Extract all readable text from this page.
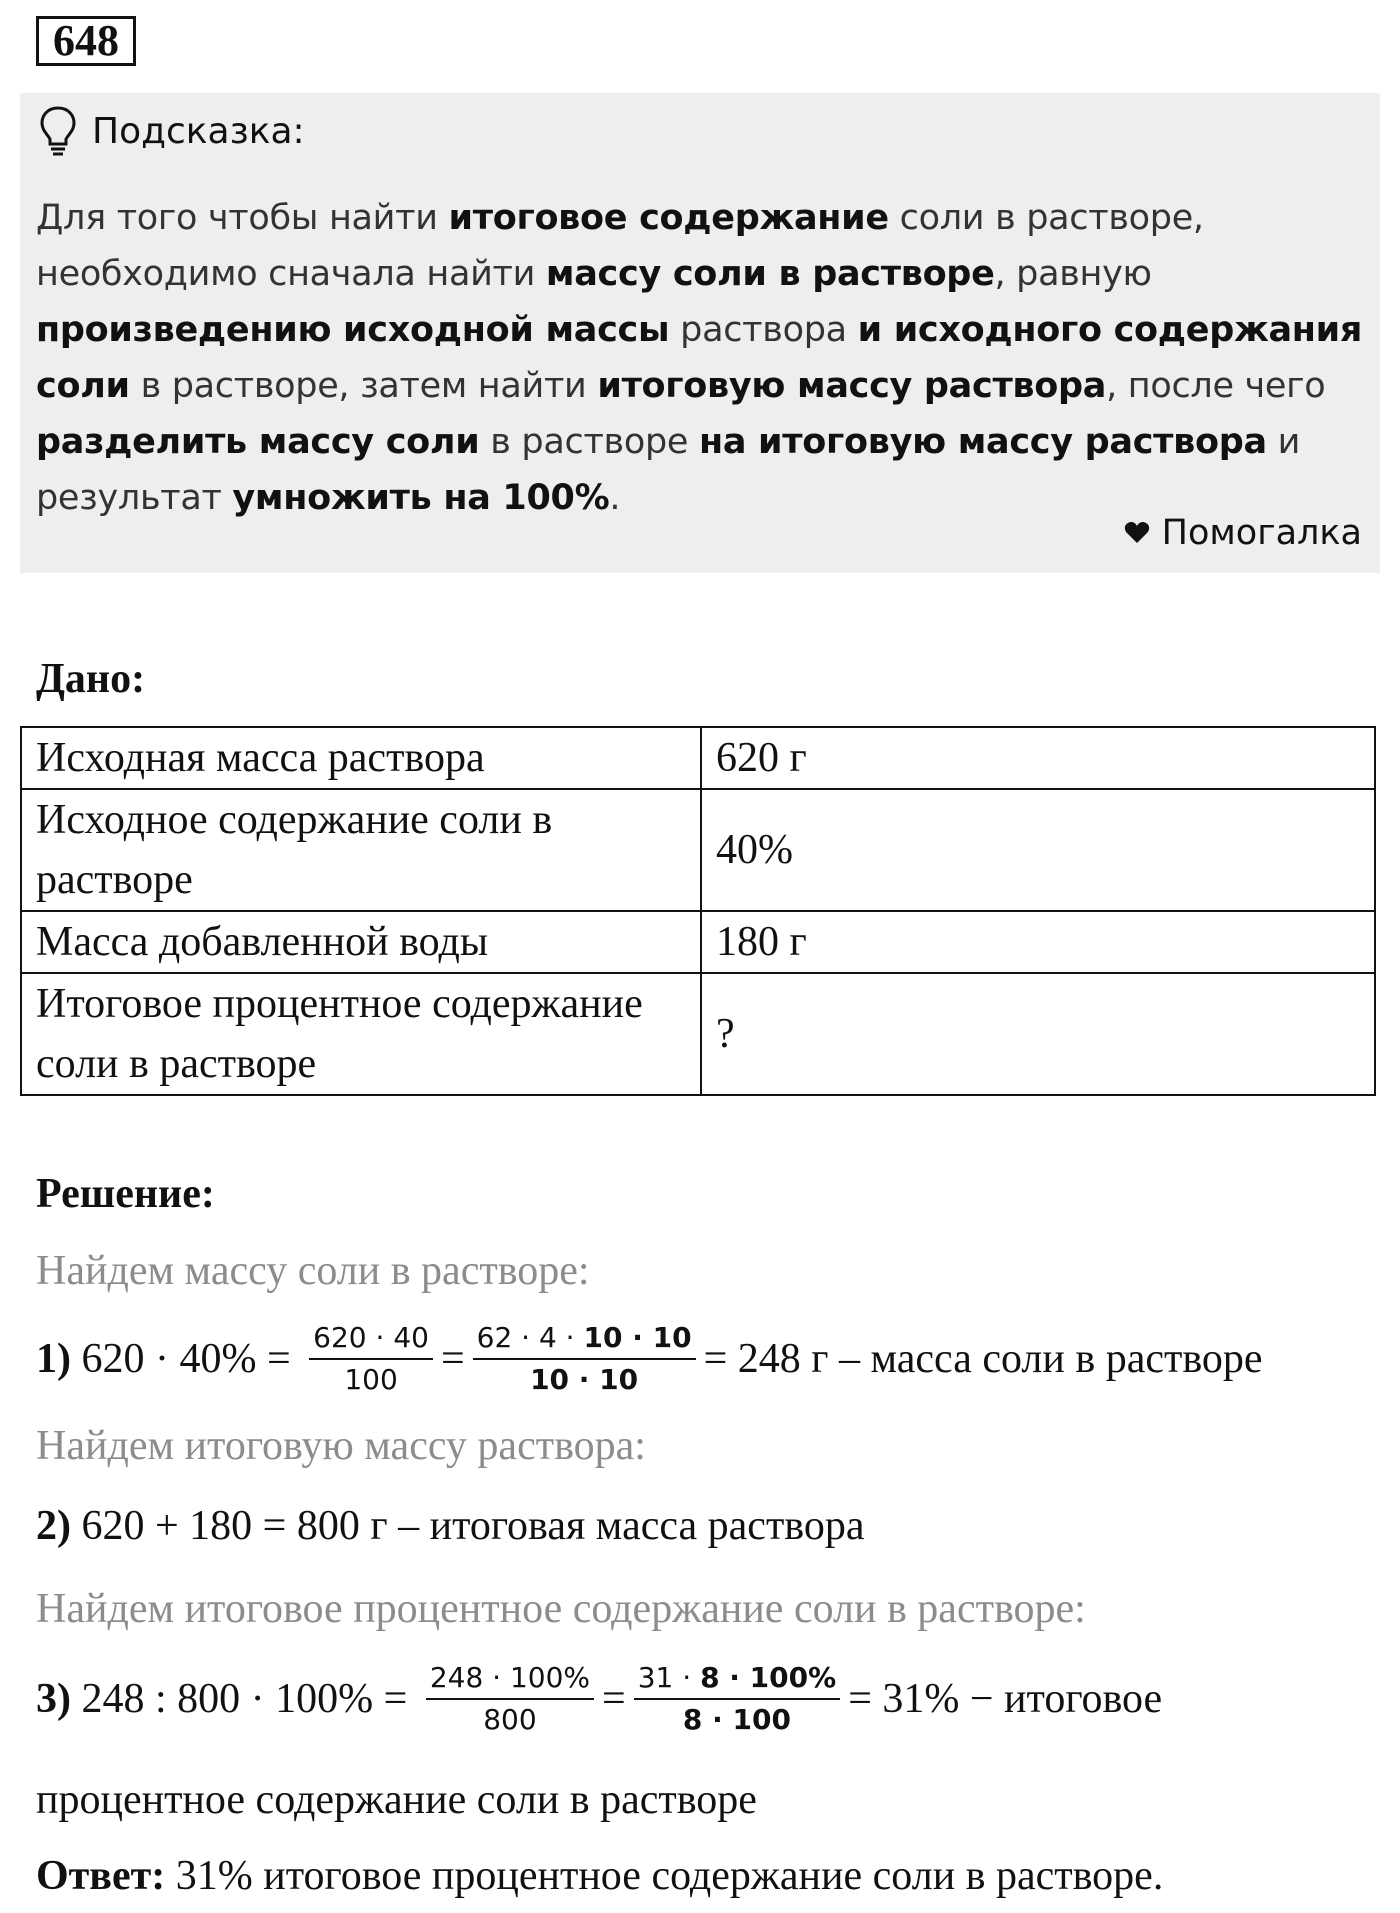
648
Подсказка:
Для того чтобы найти итоговое содержание соли в растворе, необходимо сначала найти массу соли в растворе, равную произведению исходной массы раствора и исходного содержания соли в растворе, затем найти итоговую массу раствора, после чего разделить массу соли в растворе на итоговую массу раствора и результат умножить на 100%.
Помогалка
Дано:
Исходная масса раствора	620 г
Исходное содержание соли в растворе	40%
Масса добавленной воды	180 г
Итоговое процентное содержание соли в растворе	?
Решение:
Найдем массу соли в растворе:
1) $620 \cdot 40\% = \frac{620 \cdot 40}{100} = \frac{62 \cdot 4 \cdot 10 \cdot 10}{10 \cdot 10} = 248$ г – масса соли в растворе
Найдем итоговую массу раствора:
2) 620 + 180 = 800 г – итоговая масса раствора
Найдем итоговое процентное содержание соли в растворе:
3) 248 : $800 \cdot 100\% = \frac{248 \cdot 100\%}{800} = \frac{31 \cdot 8 \cdot 100\%}{8 \cdot 100} = 31\%$ − итоговое
процентное содержание соли в растворе
Ответ: 31% итоговое процентное содержание соли в растворе.
